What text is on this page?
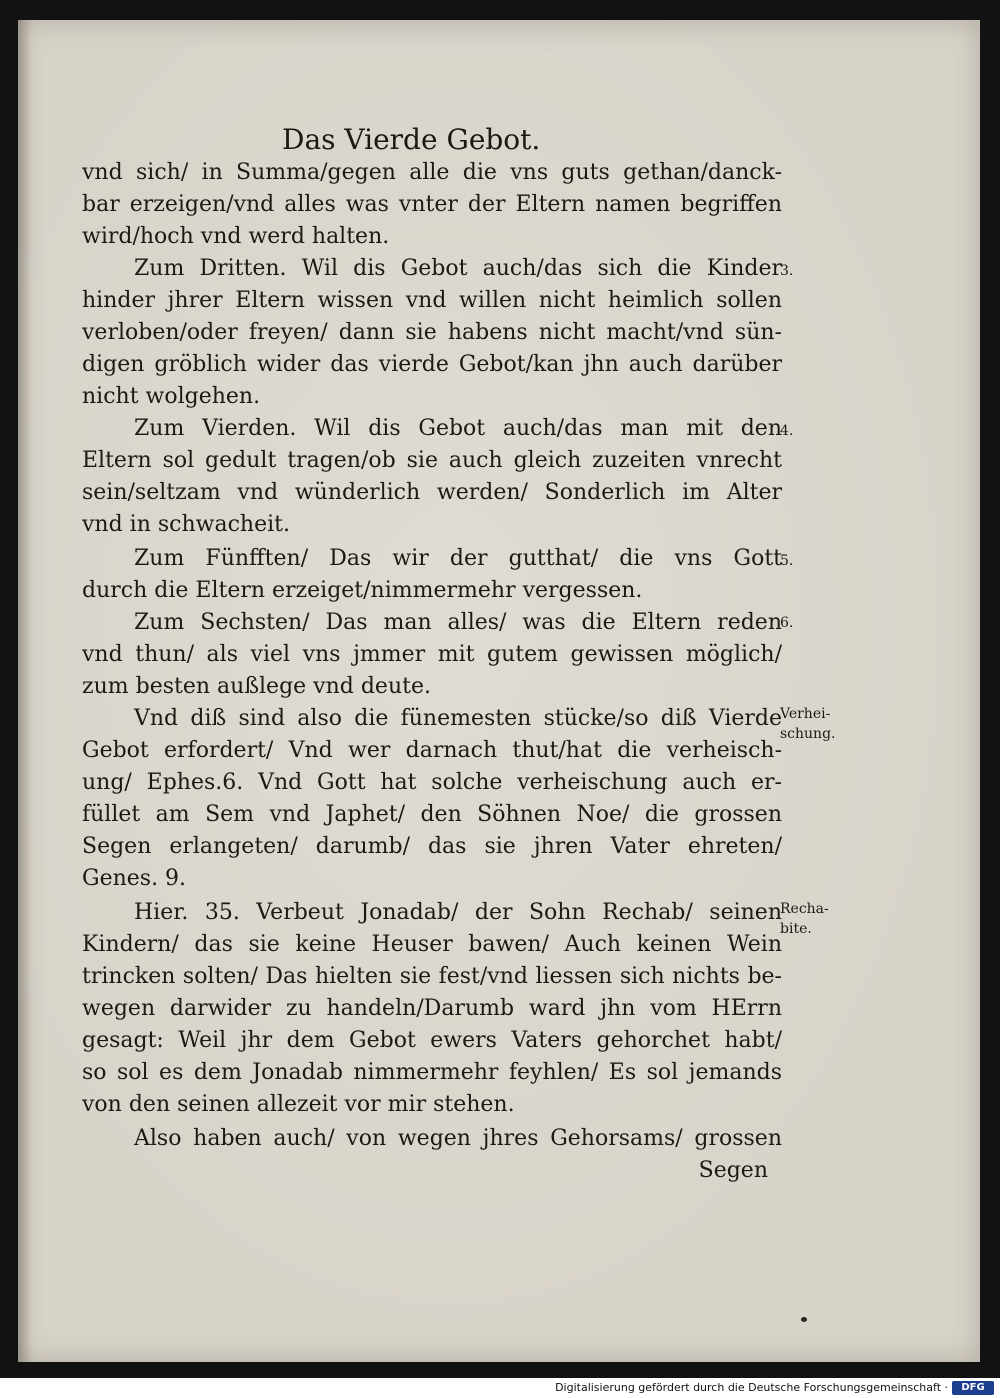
Das Vierde Gebot.
vnd sich/ in Summa/gegen alle die vns guts gethan/danck-
bar erzeigen/vnd alles was vnter der Eltern namen begriffen
wird/hoch vnd werd halten.
Zum Dritten. Wil dis Gebot auch/das sich die Kinder
hinder jhrer Eltern wissen vnd willen nicht heimlich sollen
verloben/oder freyen/ dann sie habens nicht macht/vnd sün-
digen gröblich wider das vierde Gebot/kan jhn auch darüber
nicht wolgehen.
Zum Vierden. Wil dis Gebot auch/das man mit den
Eltern sol gedult tragen/ob sie auch gleich zuzeiten vnrecht
sein/seltzam vnd wünderlich werden/ Sonderlich im Alter
vnd in schwacheit.
Zum Fünfften/ Das wir der gutthat/ die vns Gott
durch die Eltern erzeiget/nimmermehr vergessen.
Zum Sechsten/ Das man alles/ was die Eltern reden
vnd thun/ als viel vns jmmer mit gutem gewissen möglich/
zum besten außlege vnd deute.
Vnd diß sind also die fünemesten stücke/so diß Vierde
Gebot erfordert/ Vnd wer darnach thut/hat die verheisch-
ung/ Ephes.6. Vnd Gott hat solche verheischung auch er-
füllet am Sem vnd Japhet/ den Söhnen Noe/ die grossen
Segen erlangeten/ darumb/ das sie jhren Vater ehreten/
Genes. 9.
Hier. 35. Verbeut Jonadab/ der Sohn Rechab/ seinen
Kindern/ das sie keine Heuser bawen/ Auch keinen Wein
trincken solten/ Das hielten sie fest/vnd liessen sich nichts be-
wegen darwider zu handeln/Darumb ward jhn vom HErrn
gesagt: Weil jhr dem Gebot ewers Vaters gehorchet habt/
so sol es dem Jonadab nimmermehr feyhlen/ Es sol jemands
von den seinen allezeit vor mir stehen.
Also haben auch/ von wegen jhres Gehorsams/ grossen
Segen
3.
4.
5.
6.
Verhei-
schung.
Recha-
bite.
Digitalisierung gefördert durch die Deutsche Forschungsgemeinschaft ·	DFG
